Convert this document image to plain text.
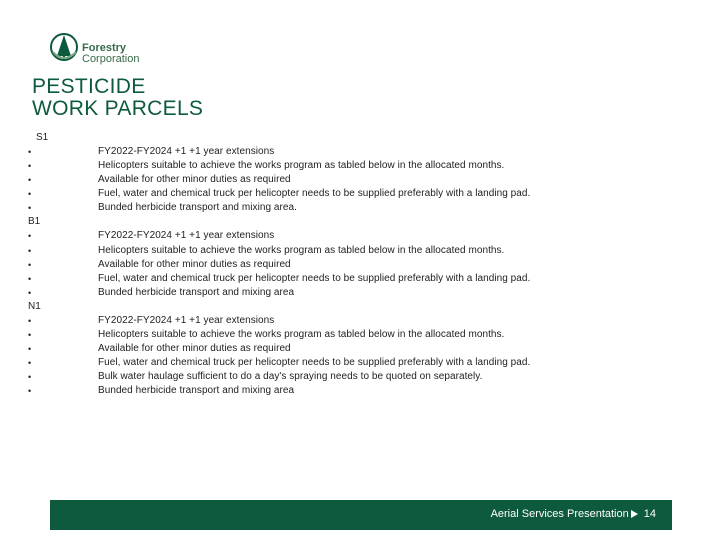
Forestry
Corporation
PESTICIDE
WORK PARCELS
S1
•	FY2022-FY2024 +1 +1 year extensions
•	Helicopters suitable to achieve the works program as tabled below in the allocated months.
•	Available for other minor duties as required
•	Fuel, water and chemical truck per helicopter needs to be supplied preferably with a landing pad.
•	Bunded herbicide transport and mixing area.
B1
•	FY2022-FY2024 +1 +1 year extensions
•	Helicopters suitable to achieve the works program as tabled below in the allocated months.
•	Available for other minor duties as required
•	Fuel, water and chemical truck per helicopter needs to be supplied preferably with a landing pad.
•	Bunded herbicide transport and mixing area
N1
•	FY2022-FY2024 +1 +1 year extensions
•	Helicopters suitable to achieve the works program as tabled below in the allocated months.
•	Available for other minor duties as required
•	Fuel, water and chemical truck per helicopter needs to be supplied preferably with a landing pad.
•	Bulk water haulage sufficient to do a day's spraying needs to be quoted on separately.
•	Bunded herbicide transport and mixing area
Aerial Services Presentation 14
